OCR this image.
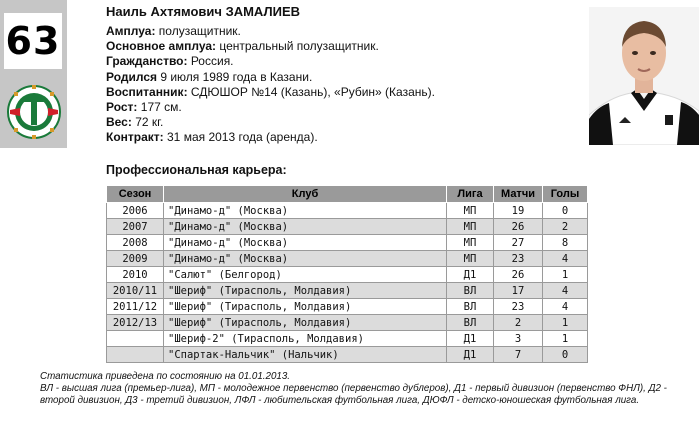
63
Наиль Ахтямович ЗАМАЛИЕВ
Амплуа: полузащитник.
Основное амплуа: центральный полузащитник.
Гражданство: Россия.
Родился 9 июля 1989 года в Казани.
Воспитанник: СДЮШОР №14 (Казань), «Рубин» (Казань).
Рост: 177 см.
Вес: 72 кг.
Контракт: 31 мая 2013 года (аренда).
Профессиональная карьера:
Сезон	Клуб	Лига	Матчи	Голы
2006	"Динамо-д" (Москва)	МП	19	0
2007	"Динамо-д" (Москва)	МП	26	2
2008	"Динамо-д" (Москва)	МП	27	8
2009	"Динамо-д" (Москва)	МП	23	4
2010	"Салют" (Белгород)	Д1	26	1
2010/11	"Шериф" (Тирасполь, Молдавия)	ВЛ	17	4
2011/12	"Шериф" (Тирасполь, Молдавия)	ВЛ	23	4
2012/13	"Шериф" (Тирасполь, Молдавия)	ВЛ	2	1
	"Шериф-2" (Тирасполь, Молдавия)	Д1	3	1
	"Спартак-Нальчик" (Нальчик)	Д1	7	0
Статистика приведена по состоянию на 01.01.2013.
ВЛ - высшая лига (премьер-лига), МП - молодежное первенство (первенство дублеров), Д1 - первый дивизион (первенство ФНЛ), Д2 - второй дивизион, Д3 - третий дивизион, ЛФЛ - любительская футбольная лига, ДЮФЛ - детско-юношеская футбольная лига.
